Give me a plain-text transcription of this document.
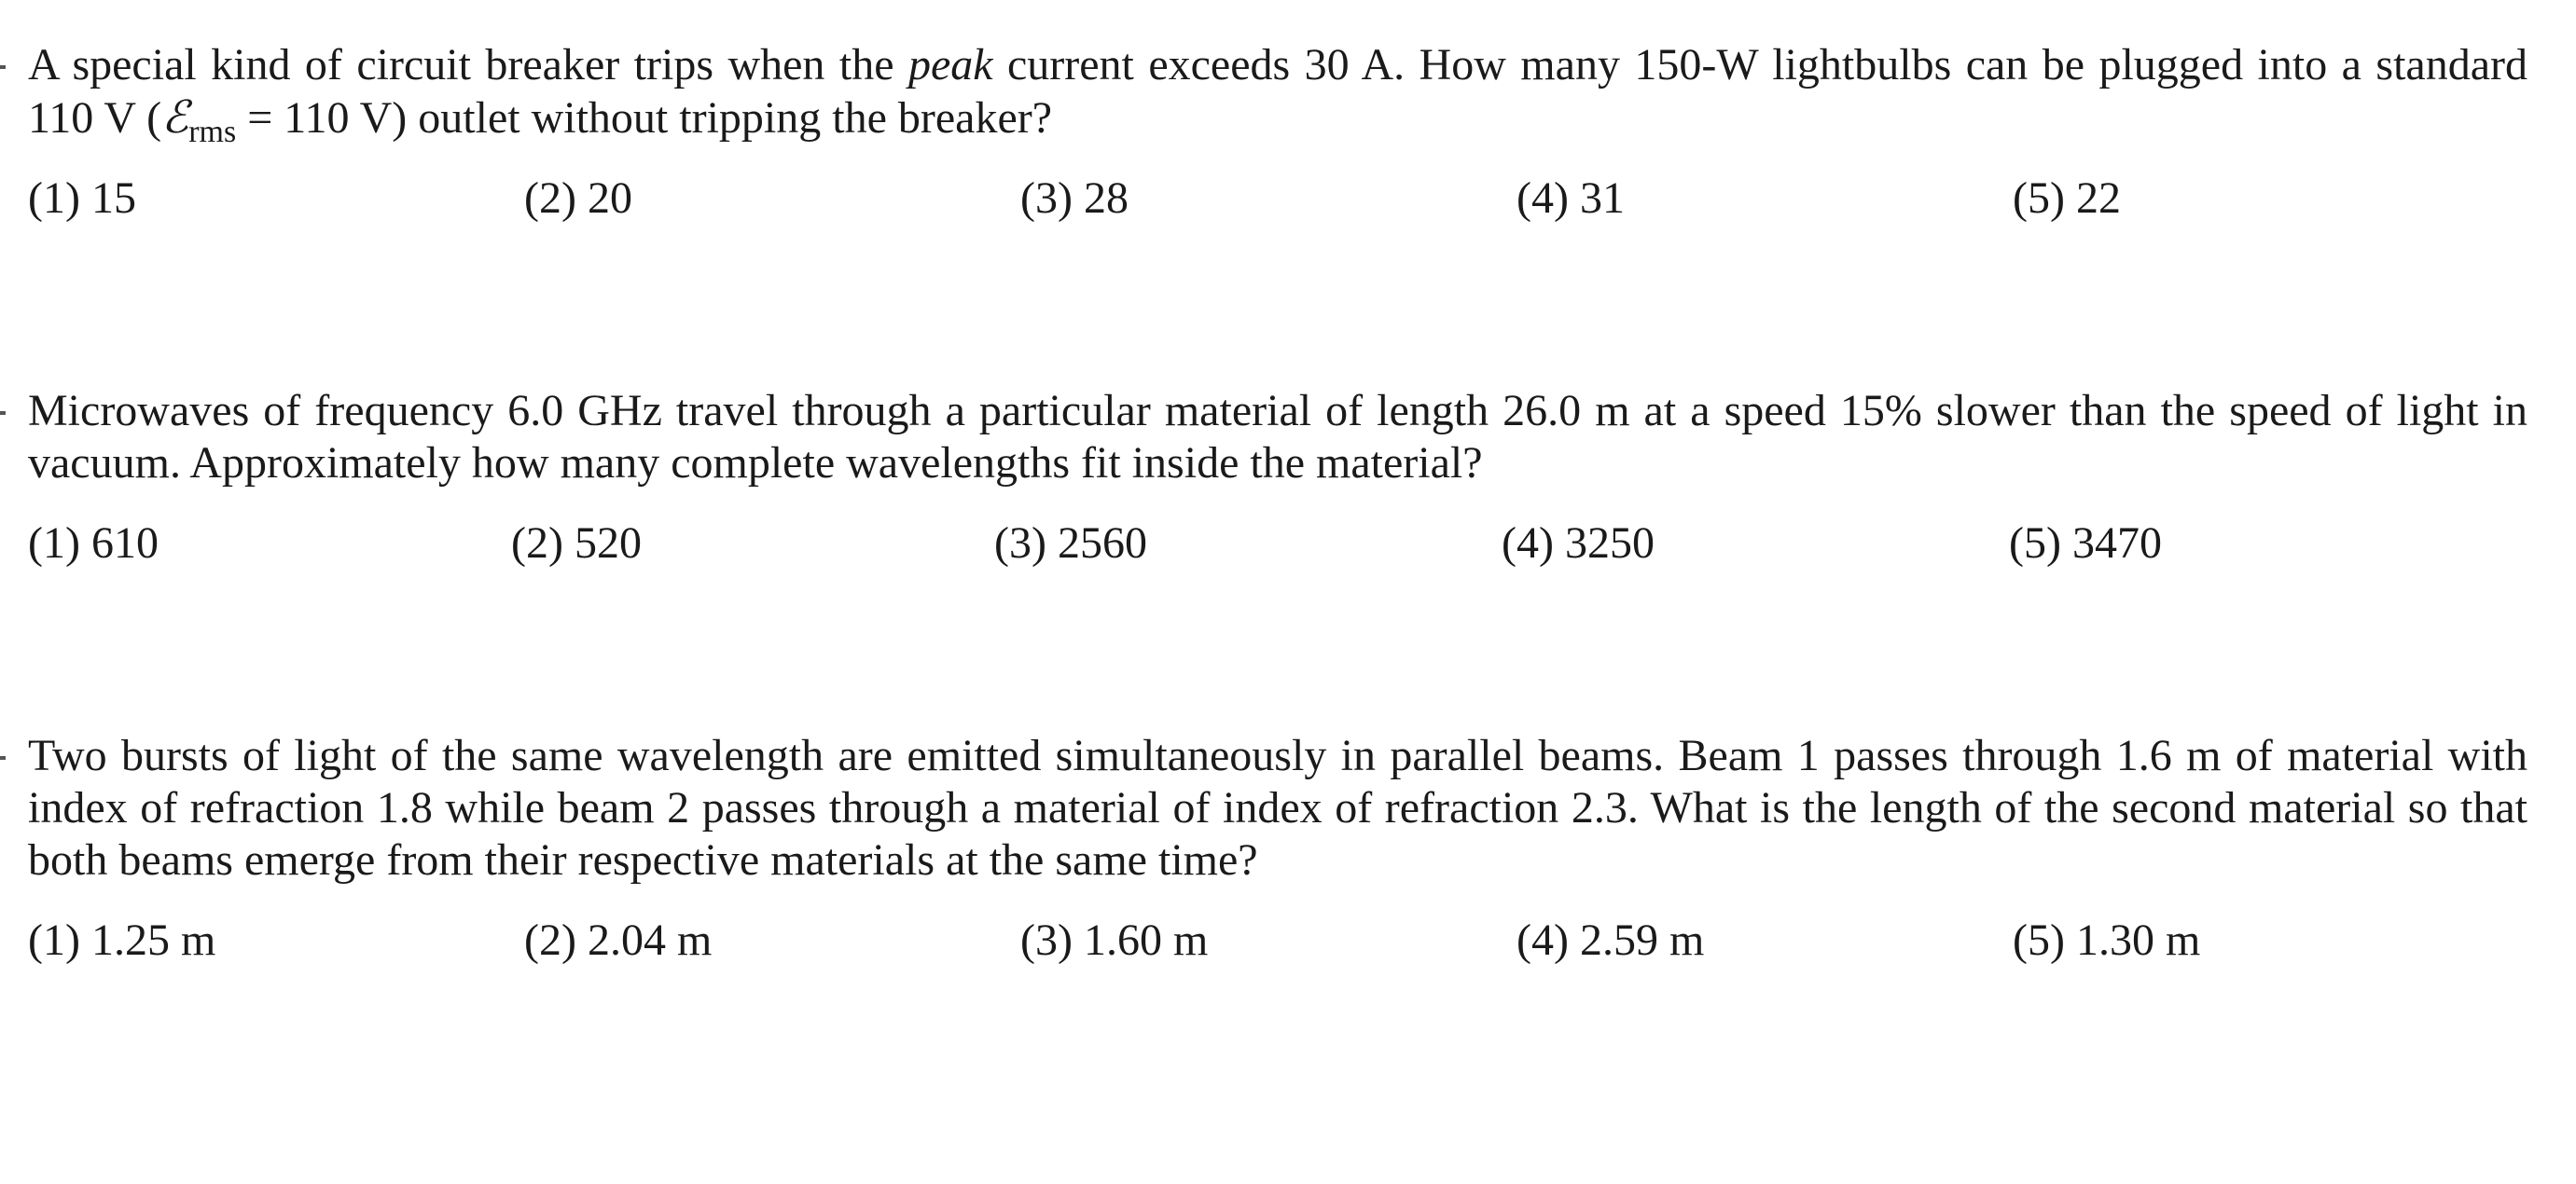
A special kind of circuit breaker trips when the peak current exceeds 30 A. How many 150-W lightbulbs can be plugged into a standard 110 V (ℰ$_{rms}$ = 110 V) outlet without tripping the breaker?

(1) 15	(2) 20	(3) 28	(4) 31	(5) 22

Microwaves of frequency 6.0 GHz travel through a particular material of length 26.0 m at a speed 15% slower than the speed of light in vacuum. Approximately how many complete wavelengths fit inside the material?

(1) 610	(2) 520	(3) 2560	(4) 3250	(5) 3470

Two bursts of light of the same wavelength are emitted simultaneously in parallel beams. Beam 1 passes through 1.6 m of material with index of refraction 1.8 while beam 2 passes through a material of index of refraction 2.3. What is the length of the second material so that both beams emerge from their respective materials at the same time?

(1) 1.25 m	(2) 2.04 m	(3) 1.60 m	(4) 2.59 m	(5) 1.30 m
